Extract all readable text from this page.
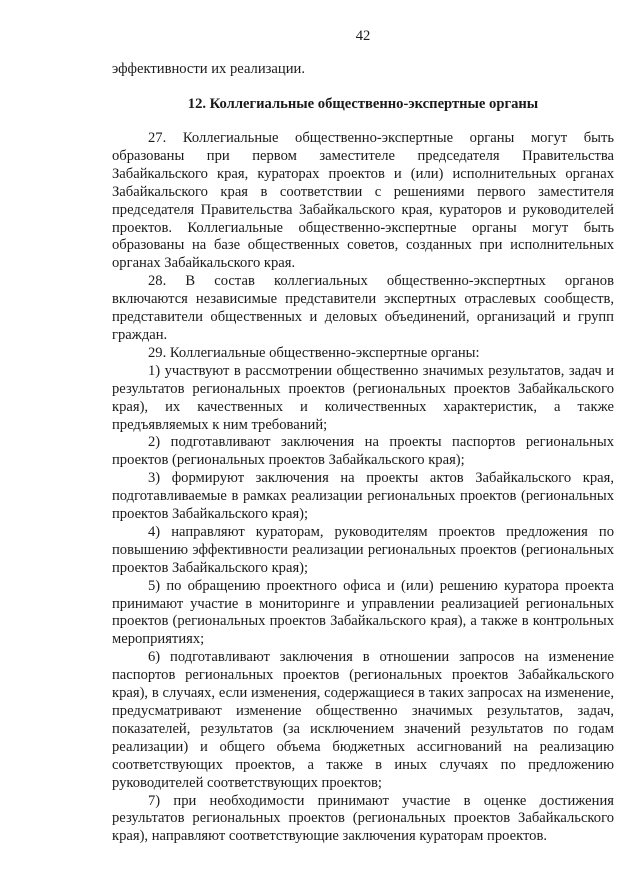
42
эффективности их реализации.
12. Коллегиальные общественно-экспертные органы

27. Коллегиальные общественно-экспертные органы могут быть образованы при первом заместителе председателя Правительства Забайкальского края, кураторах проектов и (или) исполнительных органах Забайкальского края в соответствии с решениями первого заместителя председателя Правительства Забайкальского края, кураторов и руководителей проектов. Коллегиальные общественно-экспертные органы могут быть образованы на базе общественных советов, созданных при исполнительных органах Забайкальского края.

28. В состав коллегиальных общественно-экспертных органов включаются независимые представители экспертных отраслевых сообществ, представители общественных и деловых объединений, организаций и групп граждан.

29. Коллегиальные общественно-экспертные органы:

1) участвуют в рассмотрении общественно значимых результатов, задач и результатов региональных проектов (региональных проектов Забайкальского края), их качественных и количественных характеристик, а также предъявляемых к ним требований;

2) подготавливают заключения на проекты паспортов региональных проектов (региональных проектов Забайкальского края);

3) формируют заключения на проекты актов Забайкальского края, подготавливаемые в рамках реализации региональных проектов (региональных проектов Забайкальского края);

4) направляют кураторам, руководителям проектов предложения по повышению эффективности реализации региональных проектов (региональных проектов Забайкальского края);

5) по обращению проектного офиса и (или) решению куратора проекта принимают участие в мониторинге и управлении реализацией региональных проектов (региональных проектов Забайкальского края), а также в контрольных мероприятиях;

6) подготавливают заключения в отношении запросов на изменение паспортов региональных проектов (региональных проектов Забайкальского края), в случаях, если изменения, содержащиеся в таких запросах на изменение, предусматривают изменение общественно значимых результатов, задач, показателей, результатов (за исключением значений результатов по годам реализации) и общего объема бюджетных ассигнований на реализацию соответствующих проектов, а также в иных случаях по предложению руководителей соответствующих проектов;

7) при необходимости принимают участие в оценке достижения результатов региональных проектов (региональных проектов Забайкальского края), направляют соответствующие заключения кураторам проектов.
